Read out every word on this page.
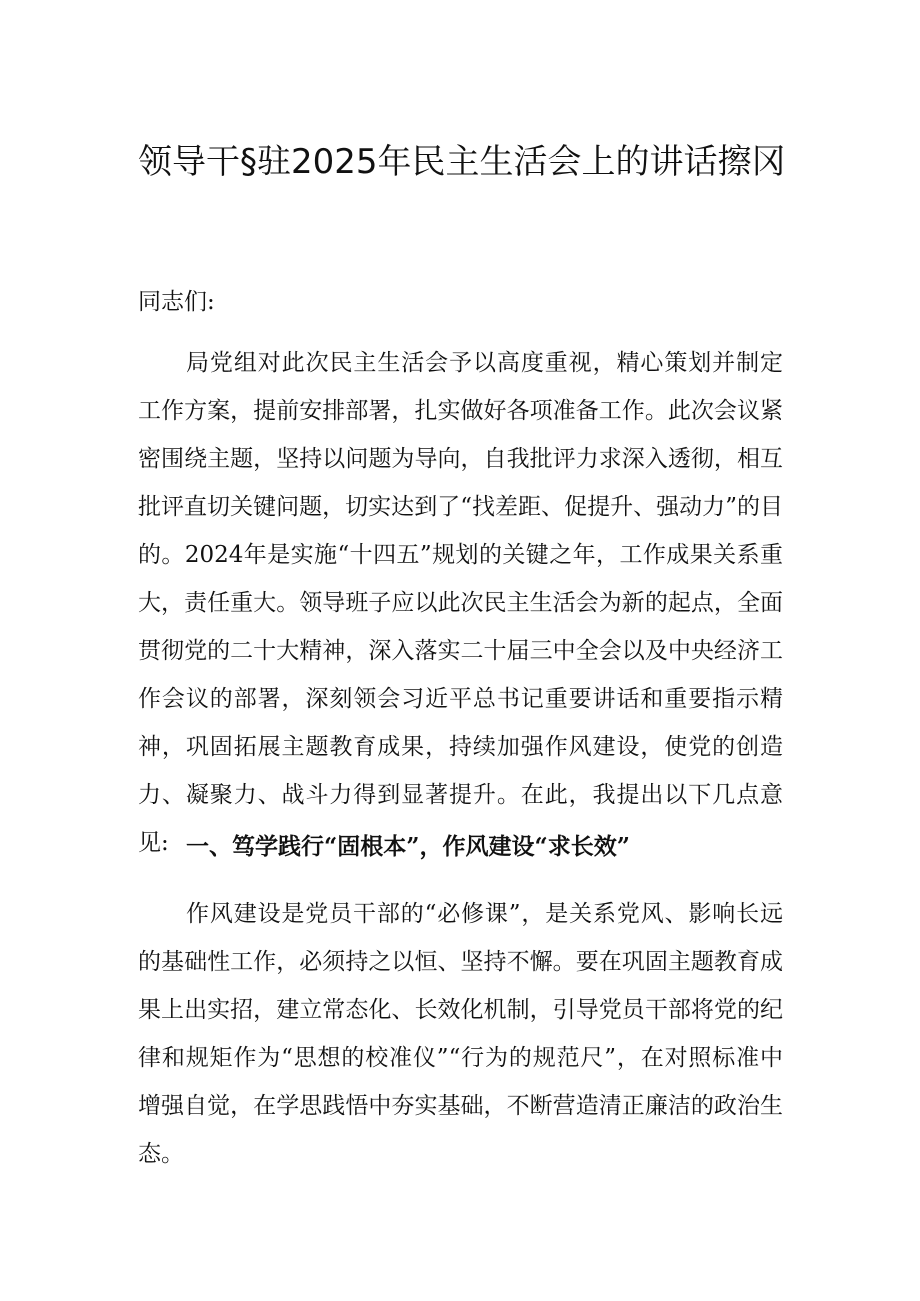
领导干§驻2025年民主生活会上的讲话擦冈
同志们:

局党组对此次民主生活会予以高度重视，精心策划并制定工作方案，提前安排部署，扎实做好各项准备工作。此次会议紧密围绕主题，坚持以问题为导向，自我批评力求深入透彻，相互批评直切关键问题，切实达到了“找差距、促提升、强动力”的目的。2024年是实施“十四五”规划的关键之年，工作成果关系重大，责任重大。领导班子应以此次民主生活会为新的起点，全面贯彻党的二十大精神，深入落实二十届三中全会以及中央经济工作会议的部署，深刻领会习近平总书记重要讲话和重要指示精神，巩固拓展主题教育成果，持续加强作风建设，使党的创造力、凝聚力、战斗力得到显著提升。在此，我提出以下几点意见: 一、笃学践行“固根本”，作风建设“求长效”

作风建设是党员干部的“必修课”，是关系党风、影响长远的基础性工作，必须持之以恒、坚持不懈。要在巩固主题教育成果上出实招，建立常态化、长效化机制，引导党员干部将党的纪律和规矩作为“思想的校准仪”“行为的规范尺”，在对照标准中增强自觉，在学思践悟中夯实基础，不断营造清正廉洁的政治生态。
